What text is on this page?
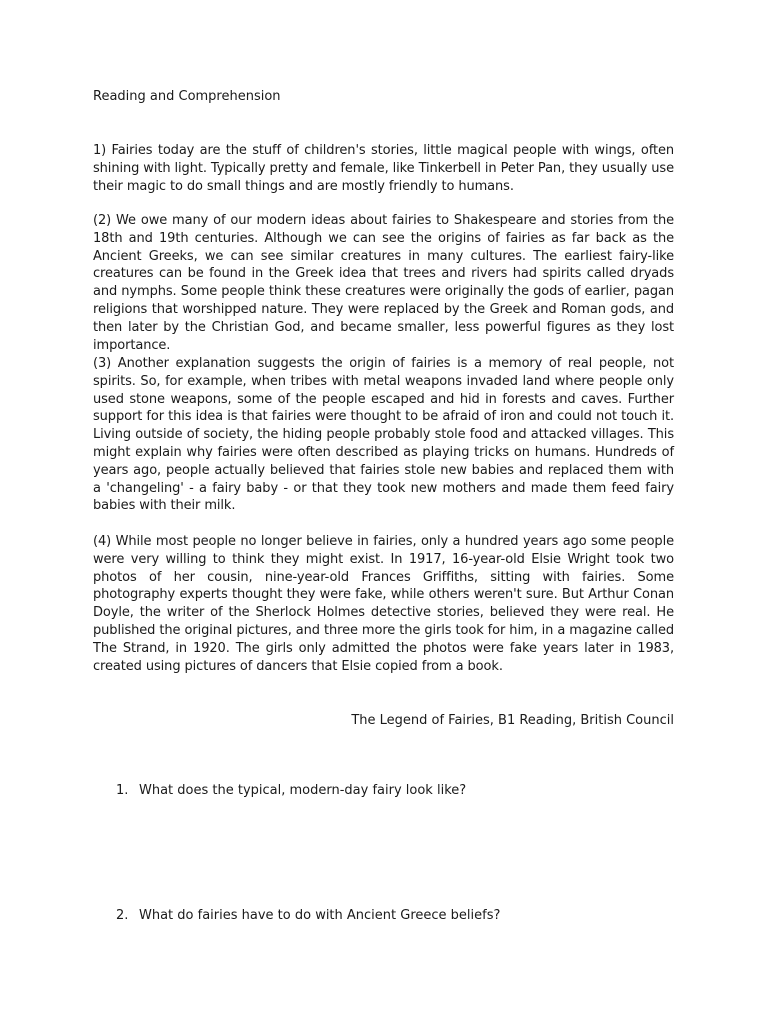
Reading and Comprehension

1) Fairies today are the stuff of children's stories, little magical people with wings, often shining with light. Typically pretty and female, like Tinkerbell in Peter Pan, they usually use their magic to do small things and are mostly friendly to humans.

(2) We owe many of our modern ideas about fairies to Shakespeare and stories from the 18th and 19th centuries. Although we can see the origins of fairies as far back as the Ancient Greeks, we can see similar creatures in many cultures. The earliest fairy-like creatures can be found in the Greek idea that trees and rivers had spirits called dryads and nymphs. Some people think these creatures were originally the gods of earlier, pagan religions that worshipped nature. They were replaced by the Greek and Roman gods, and then later by the Christian God, and became smaller, less powerful figures as they lost importance.

(3) Another explanation suggests the origin of fairies is a memory of real people, not spirits. So, for example, when tribes with metal weapons invaded land where people only used stone weapons, some of the people escaped and hid in forests and caves. Further support for this idea is that fairies were thought to be afraid of iron and could not touch it. Living outside of society, the hiding people probably stole food and attacked villages. This might explain why fairies were often described as playing tricks on humans. Hundreds of years ago, people actually believed that fairies stole new babies and replaced them with a 'changeling' - a fairy baby - or that they took new mothers and made them feed fairy babies with their milk.

(4) While most people no longer believe in fairies, only a hundred years ago some people were very willing to think they might exist. In 1917, 16-year-old Elsie Wright took two photos of her cousin, nine-year-old Frances Griffiths, sitting with fairies. Some photography experts thought they were fake, while others weren't sure. But Arthur Conan Doyle, the writer of the Sherlock Holmes detective stories, believed they were real. He published the original pictures, and three more the girls took for him, in a magazine called The Strand, in 1920. The girls only admitted the photos were fake years later in 1983, created using pictures of dancers that Elsie copied from a book.

The Legend of Fairies, B1 Reading, British Council
1. What does the typical, modern-day fairy look like?
2. What do fairies have to do with Ancient Greece beliefs?
